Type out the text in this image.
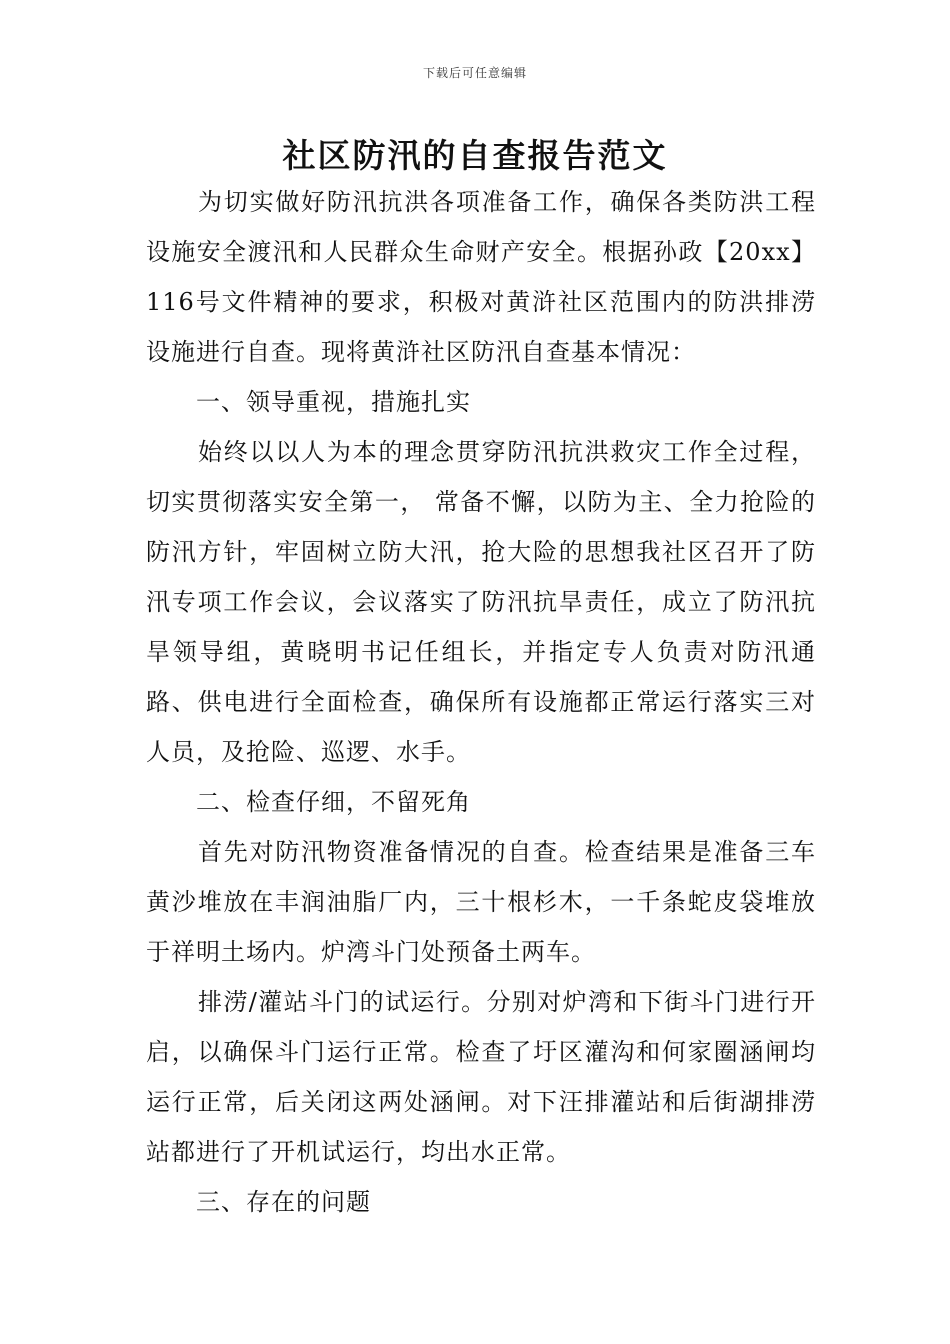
下载后可任意编辑
社区防汛的自查报告范文

为切实做好防汛抗洪各项准备工作，确保各类防洪工程设施安全渡汛和人民群众生命财产安全。根据孙政【20xx】116号文件精神的要求，积极对黄浒社区范围内的防洪排涝设施进行自查。现将黄浒社区防汛自查基本情况：

一、领导重视，措施扎实

始终以以人为本的理念贯穿防汛抗洪救灾工作全过程，切实贯彻落实安全第一， 常备不懈，以防为主、全力抢险的防汛方针，牢固树立防大汛，抢大险的思想我社区召开了防汛专项工作会议，会议落实了防汛抗旱责任，成立了防汛抗旱领导组，黄晓明书记任组长，并指定专人负责对防汛通路、供电进行全面检查，确保所有设施都正常运行落实三对人员，及抢险、巡逻、水手。

二、检查仔细，不留死角

首先对防汛物资准备情况的自查。检查结果是准备三车黄沙堆放在丰润油脂厂内，三十根杉木，一千条蛇皮袋堆放于祥明土场内。炉湾斗门处预备土两车。

排涝/灌站斗门的试运行。分别对炉湾和下街斗门进行开启，以确保斗门运行正常。检查了圩区灌沟和何家圈涵闸均运行正常，后关闭这两处涵闸。对下汪排灌站和后街湖排涝站都进行了开机试运行，均出水正常。

三、存在的问题
